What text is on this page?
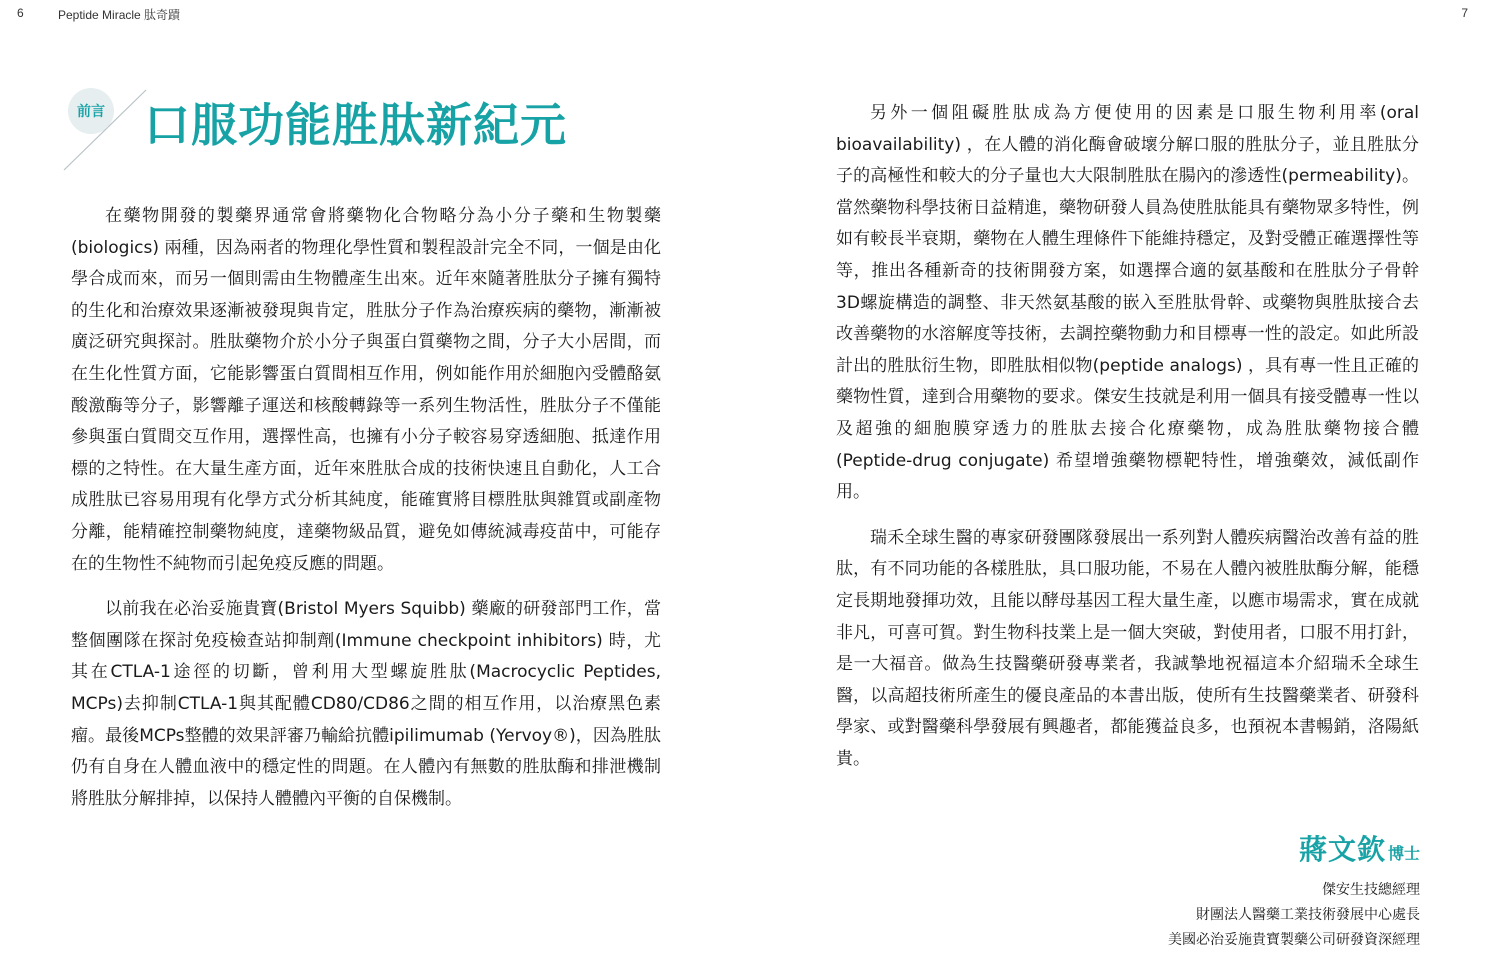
6	Peptide Miracle 肽奇蹟
前言 口服功能胜肽新紀元

在藥物開發的製藥界通常會將藥物化合物略分為小分子藥和生物製藥 (biologics) 兩種，因為兩者的物理化學性質和製程設計完全不同，一個是由化學合成而來，而另一個則需由生物體產生出來。近年來隨著胜肽分子擁有獨特的生化和治療效果逐漸被發現與肯定，胜肽分子作為治療疾病的藥物，漸漸被廣泛研究與探討。胜肽藥物介於小分子與蛋白質藥物之間，分子大小居間，而在生化性質方面，它能影響蛋白質間相互作用，例如能作用於細胞內受體酪氨酸激酶等分子，影響離子運送和核酸轉錄等一系列生物活性，胜肽分子不僅能參與蛋白質間交互作用，選擇性高，也擁有小分子較容易穿透細胞、抵達作用標的之特性。在大量生產方面，近年來胜肽合成的技術快速且自動化，人工合成胜肽已容易用現有化學方式分析其純度，能確實將目標胜肽與雜質或副產物分離，能精確控制藥物純度，達藥物級品質，避免如傳統減毒疫苗中，可能存在的生物性不純物而引起免疫反應的問題。

以前我在必治妥施貴寶(Bristol Myers Squibb) 藥廠的研發部門工作，當整個團隊在探討免疫檢查站抑制劑(Immune checkpoint inhibitors) 時，尤其在CTLA-1途徑的切斷，曾利用大型螺旋胜肽(Macrocyclic Peptides, MCPs)去抑制CTLA-1與其配體CD80/CD86之間的相互作用，以治療黑色素瘤。最後MCPs整體的效果評審乃輸給抗體ipilimumab (Yervoy®)，因為胜肽仍有自身在人體血液中的穩定性的問題。在人體內有無數的胜肽酶和排泄機制將胜肽分解排掉，以保持人體體內平衡的自保機制。

7

另外一個阻礙胜肽成為方便使用的因素是口服生物利用率(oral bioavailability) ，在人體的消化酶會破壞分解口服的胜肽分子，並且胜肽分子的高極性和較大的分子量也大大限制胜肽在腸內的滲透性(permeability)。當然藥物科學技術日益精進，藥物研發人員為使胜肽能具有藥物眾多特性，例如有較長半衰期，藥物在人體生理條件下能維持穩定，及對受體正確選擇性等等，推出各種新奇的技術開發方案，如選擇合適的氨基酸和在胜肽分子骨幹3D螺旋構造的調整、非天然氨基酸的嵌入至胜肽骨幹、或藥物與胜肽接合去改善藥物的水溶解度等技術，去調控藥物動力和目標專一性的設定。如此所設計出的胜肽衍生物，即胜肽相似物(peptide analogs) ，具有專一性且正確的藥物性質，達到合用藥物的要求。傑安生技就是利用一個具有接受體專一性以及超強的細胞膜穿透力的胜肽去接合化療藥物，成為胜肽藥物接合體(Peptide-drug conjugate) 希望增強藥物標靶特性，增強藥效，減低副作用。

瑞禾全球生醫的專家研發團隊發展出一系列對人體疾病醫治改善有益的胜肽，有不同功能的各樣胜肽，具口服功能，不易在人體內被胜肽酶分解，能穩定長期地發揮功效，且能以酵母基因工程大量生產，以應市場需求，實在成就非凡，可喜可賀。對生物科技業上是一個大突破，對使用者，口服不用打針，是一大福音。做為生技醫藥研發專業者，我誠摯地祝福這本介紹瑞禾全球生醫，以高超技術所產生的優良產品的本書出版，使所有生技醫藥業者、研發科學家、或對醫藥科學發展有興趣者，都能獲益良多，也預祝本書暢銷，洛陽紙貴。

蔣文欽 博士
傑安生技總經理
財團法人醫藥工業技術發展中心處長
美國必治妥施貴寶製藥公司研發資深經理
